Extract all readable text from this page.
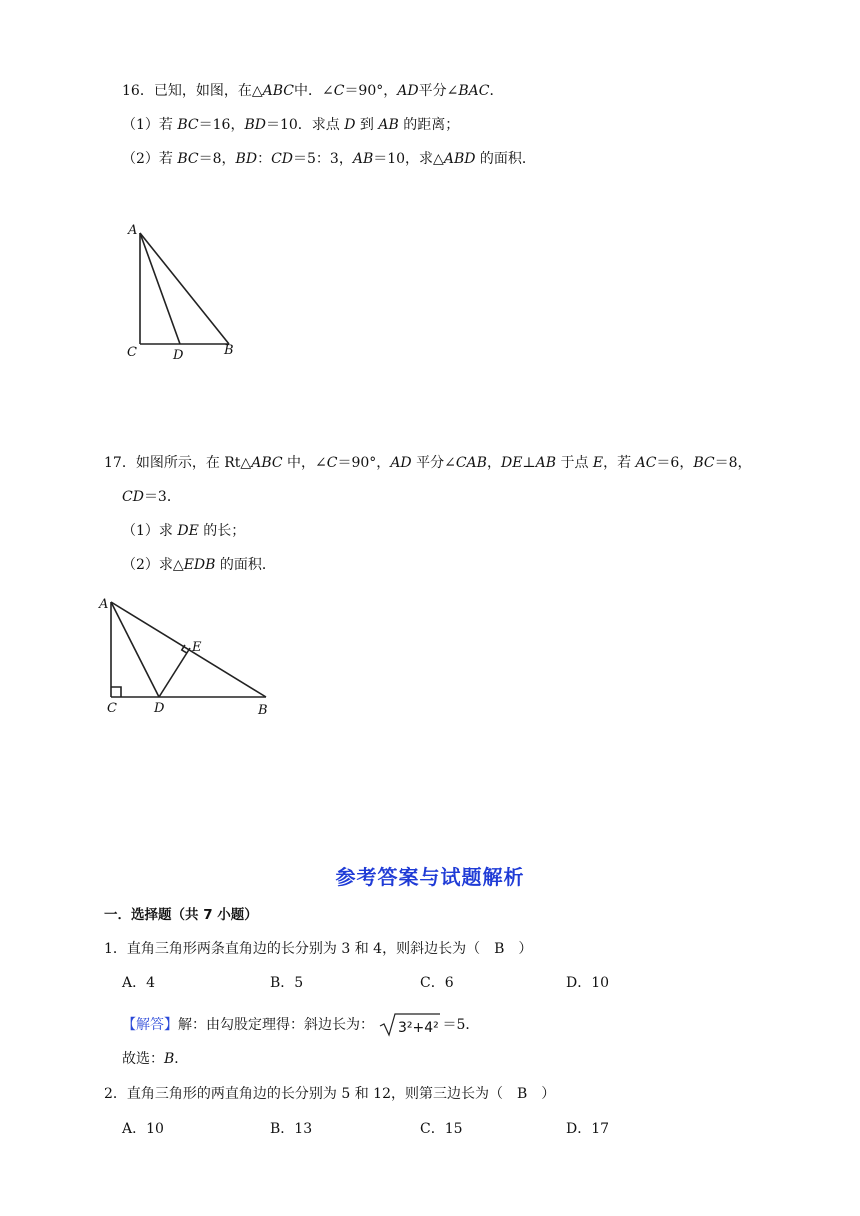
16．已知，如图，在△ABC中．∠C＝90°，AD平分∠BAC．
（1）若 BC＝16，BD＝10．求点 D 到 AB 的距离；
（2）若 BC＝8，BD：CD＝5：3，AB＝10，求△ABD 的面积．
A
C	D	B
A
E
C	D	B
17．如图所示，在 Rt△ABC 中，∠C＝90°，AD 平分∠CAB，DE⊥AB 于点 E，若 AC＝6，BC＝8，
CD＝3．
（1）求 DE 的长；
（2）求△EDB 的面积．
参考答案与试题解析
一．选择题（共 7 小题）
1．直角三角形两条直角边的长分别为 3 和 4，则斜边长为（　B　）
A．4	B．5	C．6	D．10
【解答】解：由勾股定理得：斜边长为： 3²+4² ＝5．
故选：B．
2．直角三角形的两直角边的长分别为 5 和 12，则第三边长为（　B　）
A．10	B．13	C．15	D．17
